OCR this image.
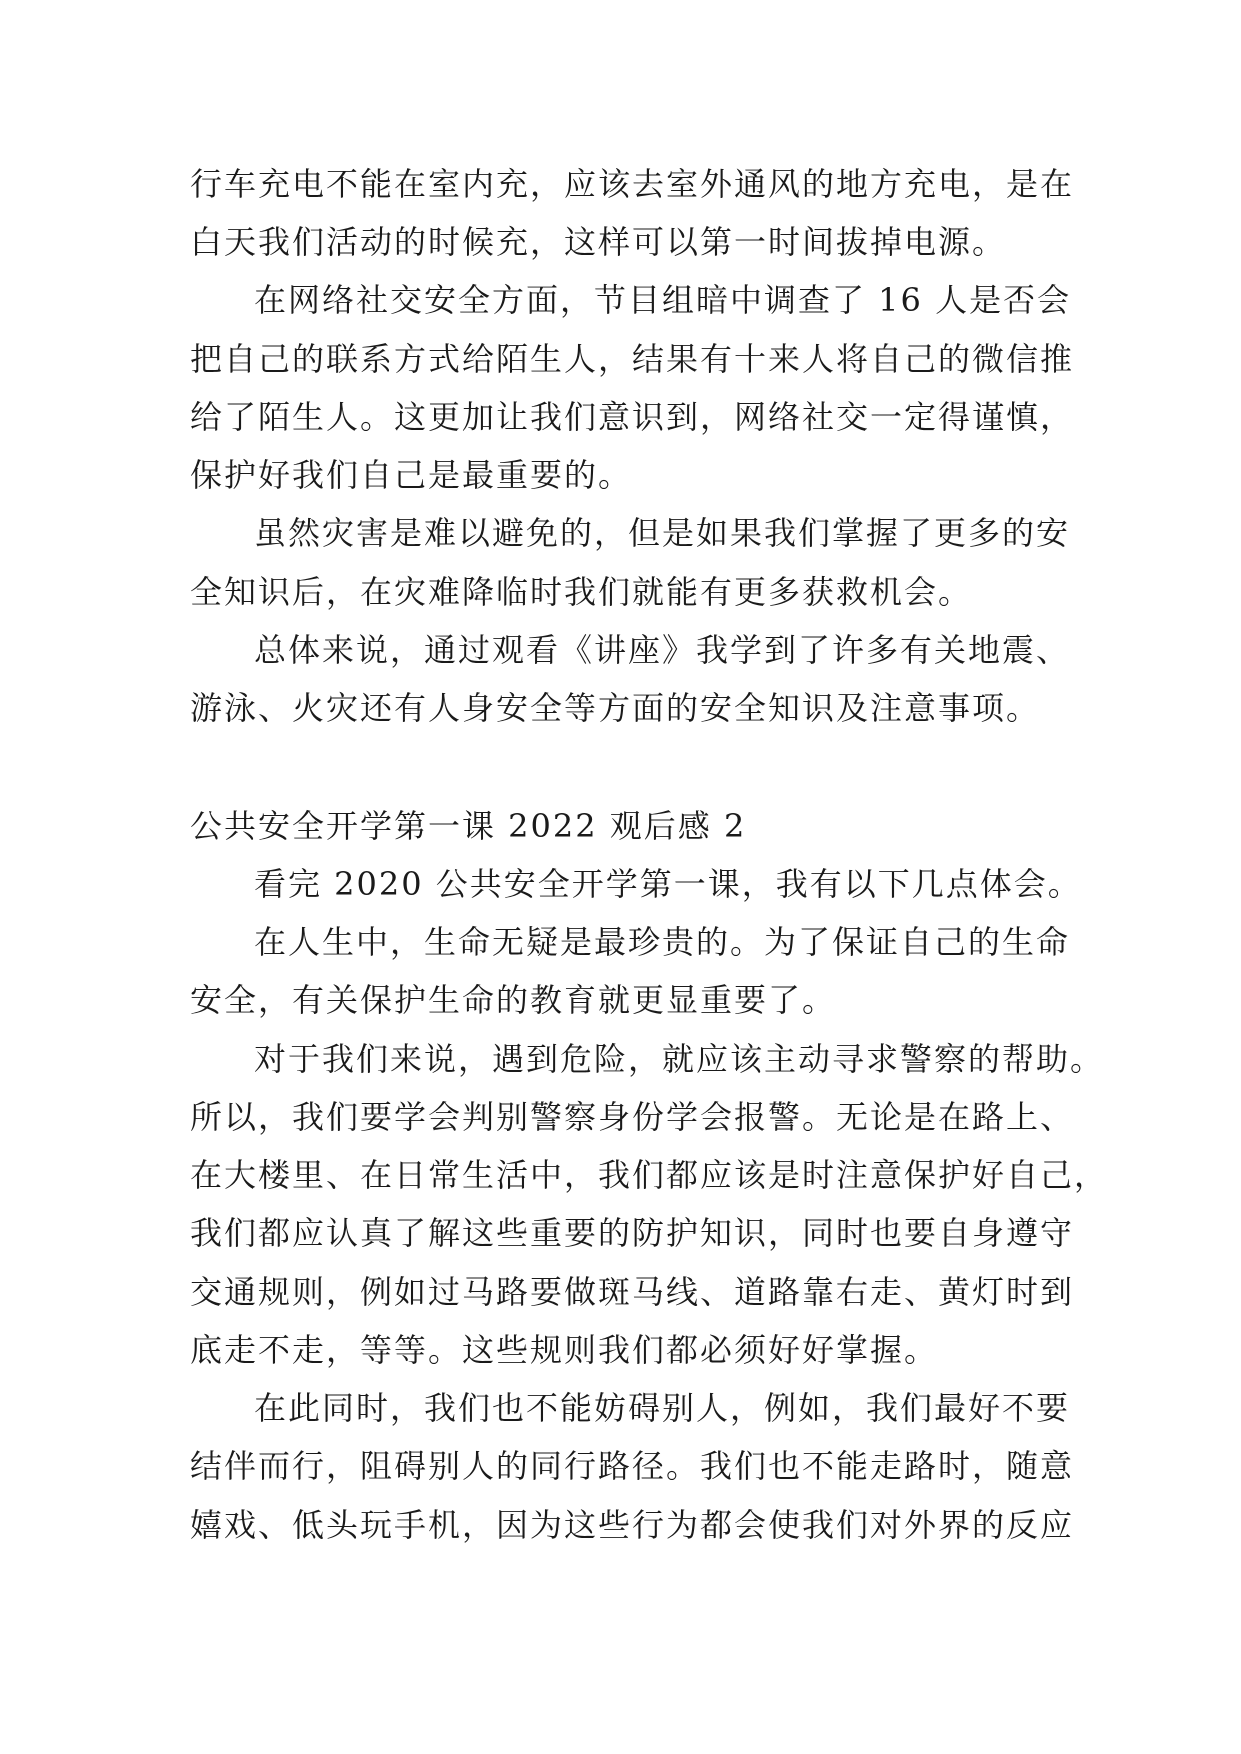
行车充电不能在室内充，应该去室外通风的地方充电，是在
白天我们活动的时候充，这样可以第一时间拔掉电源。
在网络社交安全方面，节目组暗中调查了 16 人是否会
把自己的联系方式给陌生人，结果有十来人将自己的微信推
给了陌生人。这更加让我们意识到，网络社交一定得谨慎，
保护好我们自己是最重要的。
虽然灾害是难以避免的，但是如果我们掌握了更多的安
全知识后，在灾难降临时我们就能有更多获救机会。
总体来说，通过观看《讲座》我学到了许多有关地震、
游泳、火灾还有人身安全等方面的安全知识及注意事项。
公共安全开学第一课 2022 观后感 2
看完 2020 公共安全开学第一课，我有以下几点体会。
在人生中，生命无疑是最珍贵的。为了保证自己的生命
安全，有关保护生命的教育就更显重要了。
对于我们来说，遇到危险，就应该主动寻求警察的帮助。
所以，我们要学会判别警察身份学会报警。无论是在路上、
在大楼里、在日常生活中，我们都应该是时注意保护好自己，
我们都应认真了解这些重要的防护知识，同时也要自身遵守
交通规则，例如过马路要做斑马线、道路靠右走、黄灯时到
底走不走，等等。这些规则我们都必须好好掌握。
在此同时，我们也不能妨碍别人，例如，我们最好不要
结伴而行，阻碍别人的同行路径。我们也不能走路时，随意
嬉戏、低头玩手机，因为这些行为都会使我们对外界的反应
